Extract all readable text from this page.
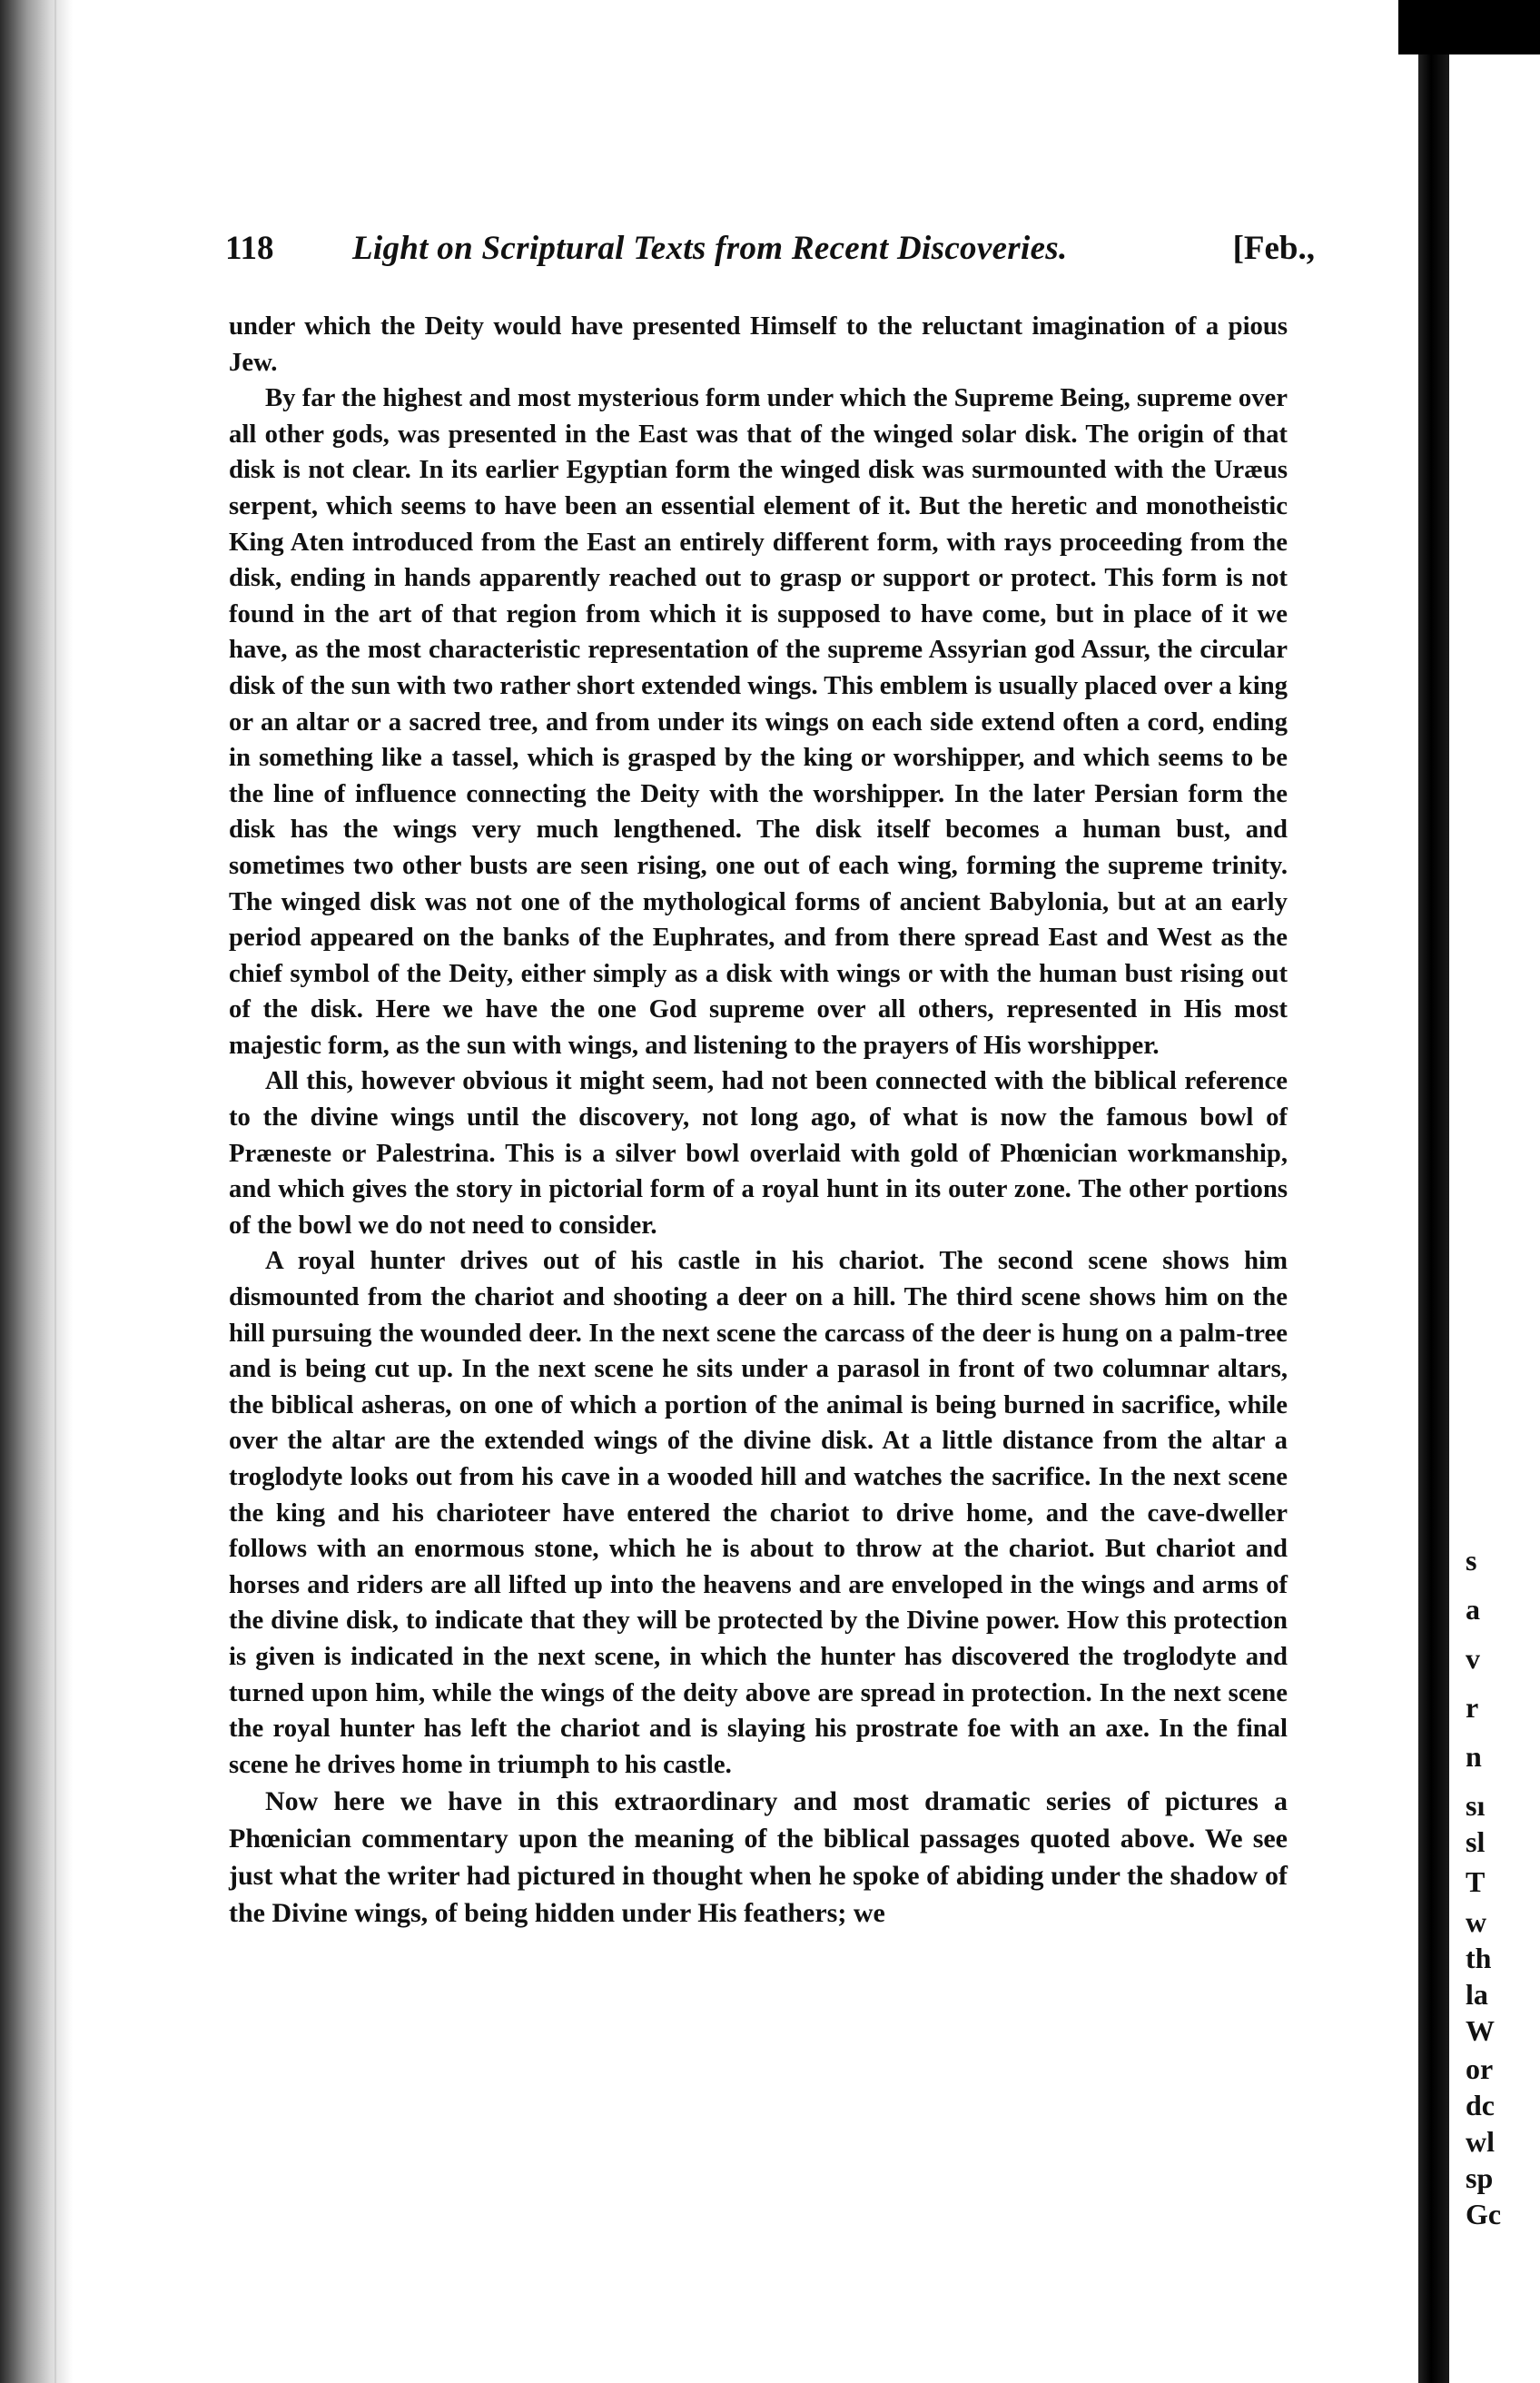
s
a
v
r
n
sı
sl
T
w
th
la
W
or
dc
wl
sp
Gc
118 Light on Scriptural Texts from Recent Discoveries.	[Feb.,

under which the Deity would have presented Himself to the reluctant imagination of a pious Jew.

By far the highest and most mysterious form under which the Supreme Being, supreme over all other gods, was presented in the East was that of the winged solar disk. The origin of that disk is not clear. In its earlier Egyptian form the winged disk was surmounted with the Uræus serpent, which seems to have been an essential element of it. But the heretic and monotheistic King Aten introduced from the East an entirely different form, with rays proceeding from the disk, ending in hands apparently reached out to grasp or support or protect. This form is not found in the art of that region from which it is supposed to have come, but in place of it we have, as the most characteristic representation of the supreme Assyrian god Assur, the circular disk of the sun with two rather short extended wings. This emblem is usually placed over a king or an altar or a sacred tree, and from under its wings on each side extend often a cord, ending in something like a tassel, which is grasped by the king or worshipper, and which seems to be the line of influence connecting the Deity with the worshipper. In the later Persian form the disk has the wings very much lengthened. The disk itself becomes a human bust, and sometimes two other busts are seen rising, one out of each wing, forming the supreme trinity. The winged disk was not one of the mythological forms of ancient Babylonia, but at an early period appeared on the banks of the Euphrates, and from there spread East and West as the chief symbol of the Deity, either simply as a disk with wings or with the human bust rising out of the disk. Here we have the one God supreme over all others, represented in His most majestic form, as the sun with wings, and listening to the prayers of His worshipper.

All this, however obvious it might seem, had not been connected with the biblical reference to the divine wings until the discovery, not long ago, of what is now the famous bowl of Præneste or Palestrina. This is a silver bowl overlaid with gold of Phœnician workmanship, and which gives the story in pictorial form of a royal hunt in its outer zone. The other portions of the bowl we do not need to consider.

A royal hunter drives out of his castle in his chariot. The second scene shows him dismounted from the chariot and shooting a deer on a hill. The third scene shows him on the hill pursuing the wounded deer. In the next scene the carcass of the deer is hung on a palm-tree and is being cut up. In the next scene he sits under a parasol in front of two columnar altars, the biblical asheras, on one of which a portion of the animal is being burned in sacrifice, while over the altar are the extended wings of the divine disk. At a little distance from the altar a troglodyte looks out from his cave in a wooded hill and watches the sacrifice. In the next scene the king and his charioteer have entered the chariot to drive home, and the cave-dweller follows with an enormous stone, which he is about to throw at the chariot. But chariot and horses and riders are all lifted up into the heavens and are enveloped in the wings and arms of the divine disk, to indicate that they will be protected by the Divine power. How this protection is given is indicated in the next scene, in which the hunter has discovered the troglodyte and turned upon him, while the wings of the deity above are spread in protection. In the next scene the royal hunter has left the chariot and is slaying his prostrate foe with an axe. In the final scene he drives home in triumph to his castle.

Now here we have in this extraordinary and most dramatic series of pictures a Phœnician commentary upon the meaning of the biblical passages quoted above. We see just what the writer had pictured in thought when he spoke of abiding under the shadow of the Divine wings, of being hidden under His feathers; we
